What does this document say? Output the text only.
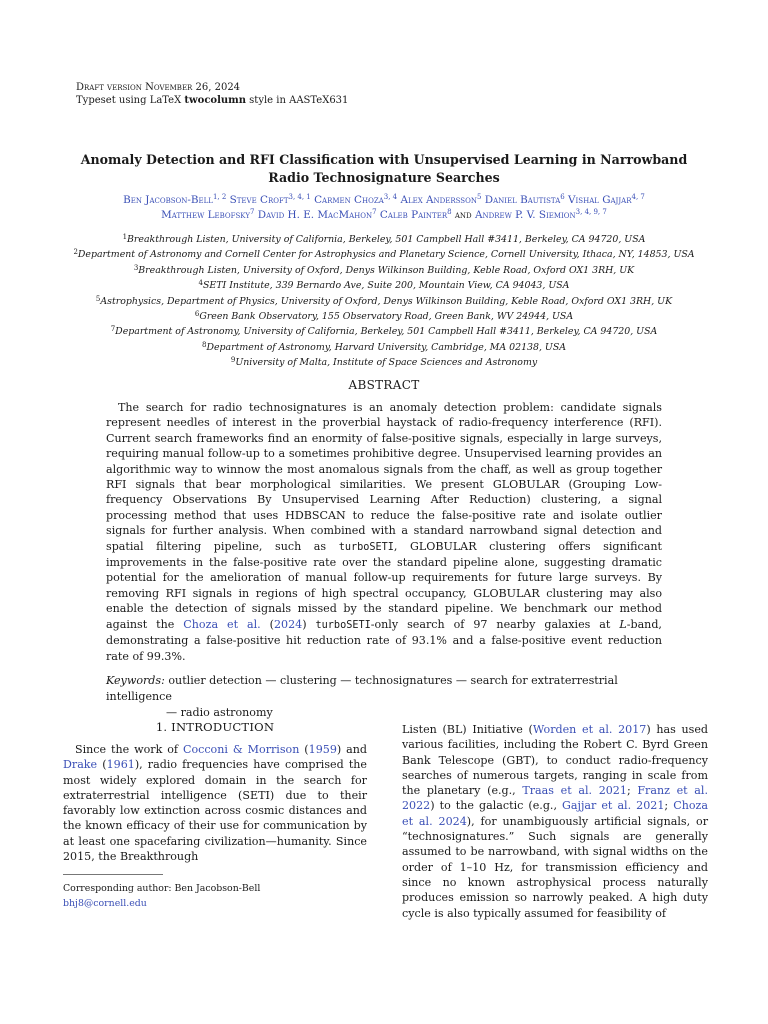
Draft version November 26, 2024
Typeset using LaTeX twocolumn style in AASTeX631
Anomaly Detection and RFI Classification with Unsupervised Learning in Narrowband Radio Technosignature Searches
Ben Jacobson-Bell$^{1, 2}$ Steve Croft$^{3, 4, 1}$ Carmen Choza$^{3, 4}$ Alex Andersson$^5$ Daniel Bautista$^6$ Vishal Gajjar$^{4, 7}$
Matthew Lebofsky$^7$ David H. E. MacMahon$^7$ Caleb Painter$^8$ and Andrew P. V. Siemion$^{3, 4, 9, 7}$
$^1$Breakthrough Listen, University of California, Berkeley, 501 Campbell Hall #3411, Berkeley, CA 94720, USA
$^2$Department of Astronomy and Cornell Center for Astrophysics and Planetary Science, Cornell University, Ithaca, NY, 14853, USA
$^3$Breakthrough Listen, University of Oxford, Denys Wilkinson Building, Keble Road, Oxford OX1 3RH, UK
$^4$SETI Institute, 339 Bernardo Ave, Suite 200, Mountain View, CA 94043, USA
$^5$Astrophysics, Department of Physics, University of Oxford, Denys Wilkinson Building, Keble Road, Oxford OX1 3RH, UK
$^6$Green Bank Observatory, 155 Observatory Road, Green Bank, WV 24944, USA
$^7$Department of Astronomy, University of California, Berkeley, 501 Campbell Hall #3411, Berkeley, CA 94720, USA
$^8$Department of Astronomy, Harvard University, Cambridge, MA 02138, USA
$^9$University of Malta, Institute of Space Sciences and Astronomy
ABSTRACT

The search for radio technosignatures is an anomaly detection problem: candidate signals represent needles of interest in the proverbial haystack of radio-frequency interference (RFI). Current search frameworks find an enormity of false-positive signals, especially in large surveys, requiring manual follow-up to a sometimes prohibitive degree. Unsupervised learning provides an algorithmic way to winnow the most anomalous signals from the chaff, as well as group together RFI signals that bear morphological similarities. We present GLOBULAR (Grouping Low-frequency Observations By Unsupervised Learning After Reduction) clustering, a signal processing method that uses HDBSCAN to reduce the false-positive rate and isolate outlier signals for further analysis. When combined with a standard narrowband signal detection and spatial filtering pipeline, such as turboSETI, GLOBULAR clustering offers significant improvements in the false-positive rate over the standard pipeline alone, suggesting dramatic potential for the amelioration of manual follow-up requirements for future large surveys. By removing RFI signals in regions of high spectral occupancy, GLOBULAR clustering may also enable the detection of signals missed by the standard pipeline. We benchmark our method against the Choza et al. (2024) turboSETI-only search of 97 nearby galaxies at L-band, demonstrating a false-positive hit reduction rate of 93.1% and a false-positive event reduction rate of 99.3%.

Keywords: outlier detection — clustering — technosignatures — search for extraterrestrial intelligence
— radio astronomy
1. INTRODUCTION

Since the work of Cocconi & Morrison (1959) and Drake (1961), radio frequencies have comprised the most widely explored domain in the search for extraterrestrial intelligence (SETI) due to their favorably low extinction across cosmic distances and the known efficacy of their use for communication by at least one spacefaring civilization—humanity. Since 2015, the Breakthrough

Listen (BL) Initiative (Worden et al. 2017) has used various facilities, including the Robert C. Byrd Green Bank Telescope (GBT), to conduct radio-frequency searches of numerous targets, ranging in scale from the planetary (e.g., Traas et al. 2021; Franz et al. 2022) to the galactic (e.g., Gajjar et al. 2021; Choza et al. 2024), for unambiguously artificial signals, or “technosignatures.” Such signals are generally assumed to be narrowband, with signal widths on the order of 1–10 Hz, for transmission efficiency and since no known astrophysical process naturally produces emission so narrowly peaked. A high duty cycle is also typically assumed for feasibility of

Corresponding author: Ben Jacobson-Bell
bhj8@cornell.edu
